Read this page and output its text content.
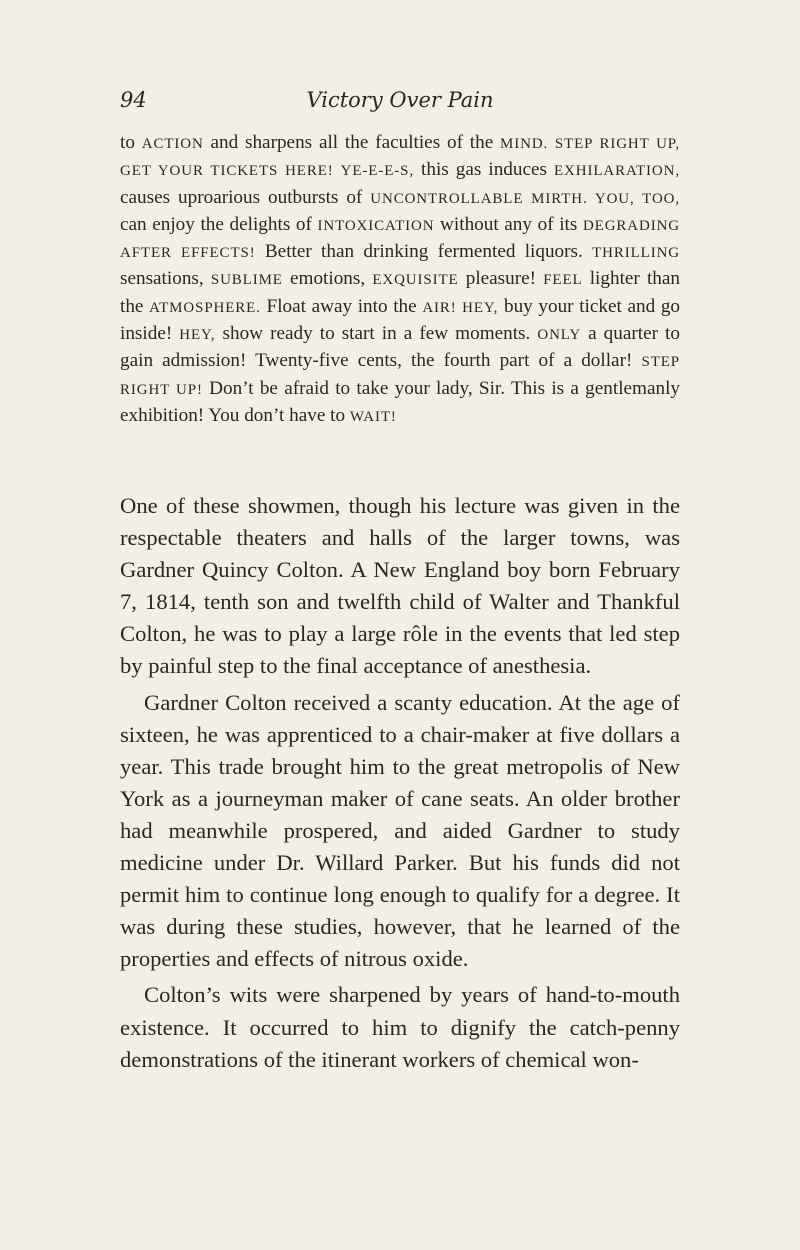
94	Victory Over Pain

to ACTION and sharpens all the faculties of the MIND. STEP RIGHT UP, GET YOUR TICKETS HERE! YE-E-E-S, this gas induces EXHILARATION, causes uproarious outbursts of UNCONTROLLABLE MIRTH. YOU, TOO, can enjoy the delights of INTOXICATION without any of its DEGRADING AFTER EFFECTS! Better than drinking fermented liquors. THRILLING sensations, SUBLIME emotions, EXQUISITE pleasure! FEEL lighter than the ATMOSPHERE. Float away into the AIR! HEY, buy your ticket and go inside! HEY, show ready to start in a few moments. ONLY a quarter to gain admission! Twenty-five cents, the fourth part of a dollar! STEP RIGHT UP! Don’t be afraid to take your lady, Sir. This is a gentlemanly exhibition! You don’t have to WAIT!

One of these showmen, though his lecture was given in the respectable theaters and halls of the larger towns, was Gardner Quincy Colton. A New England boy born February 7, 1814, tenth son and twelfth child of Walter and Thankful Colton, he was to play a large rôle in the events that led step by painful step to the final acceptance of anesthesia.

Gardner Colton received a scanty education. At the age of sixteen, he was apprenticed to a chair-maker at five dollars a year. This trade brought him to the great metropolis of New York as a journeyman maker of cane seats. An older brother had meanwhile prospered, and aided Gardner to study medicine under Dr. Willard Parker. But his funds did not permit him to continue long enough to qualify for a degree. It was during these studies, however, that he learned of the properties and effects of nitrous oxide.

Colton’s wits were sharpened by years of hand-to-mouth existence. It occurred to him to dignify the catch-penny demonstrations of the itinerant workers of chemical won-
